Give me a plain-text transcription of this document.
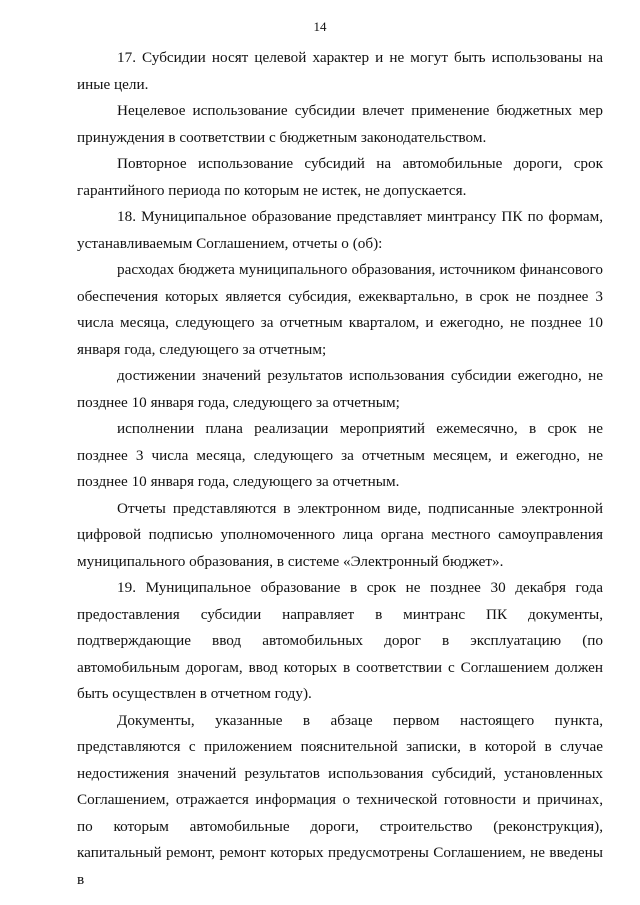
14

17. Субсидии носят целевой характер и не могут быть использованы на иные цели.

Нецелевое использование субсидии влечет применение бюджетных мер принуждения в соответствии с бюджетным законодательством.

Повторное использование субсидий на автомобильные дороги, срок гарантийного периода по которым не истек, не допускается.

18. Муниципальное образование представляет минтрансу ПК по формам, устанавливаемым Соглашением, отчеты о (об):

расходах бюджета муниципального образования, источником финансового обеспечения которых является субсидия, ежеквартально, в срок не позднее 3 числа месяца, следующего за отчетным кварталом, и ежегодно, не позднее 10 января года, следующего за отчетным;

достижении значений результатов использования субсидии ежегодно, не позднее 10 января года, следующего за отчетным;

исполнении плана реализации мероприятий ежемесячно, в срок не позднее 3 числа месяца, следующего за отчетным месяцем, и ежегодно, не позднее 10 января года, следующего за отчетным.

Отчеты представляются в электронном виде, подписанные электронной цифровой подписью уполномоченного лица органа местного самоуправления муниципального образования, в системе «Электронный бюджет».

19. Муниципальное образование в срок не позднее 30 декабря года предоставления субсидии направляет в минтранс ПК документы, подтверждающие ввод автомобильных дорог в эксплуатацию (по автомобильным дорогам, ввод которых в соответствии с Соглашением должен быть осуществлен в отчетном году).

Документы, указанные в абзаце первом настоящего пункта, представляются с приложением пояснительной записки, в которой в случае недостижения значений результатов использования субсидий, установленных Соглашением, отражается информация о технической готовности и причинах, по которым автомобильные дороги, строительство (реконструкция), капитальный ремонт, ремонт которых предусмотрены Соглашением, не введены в
